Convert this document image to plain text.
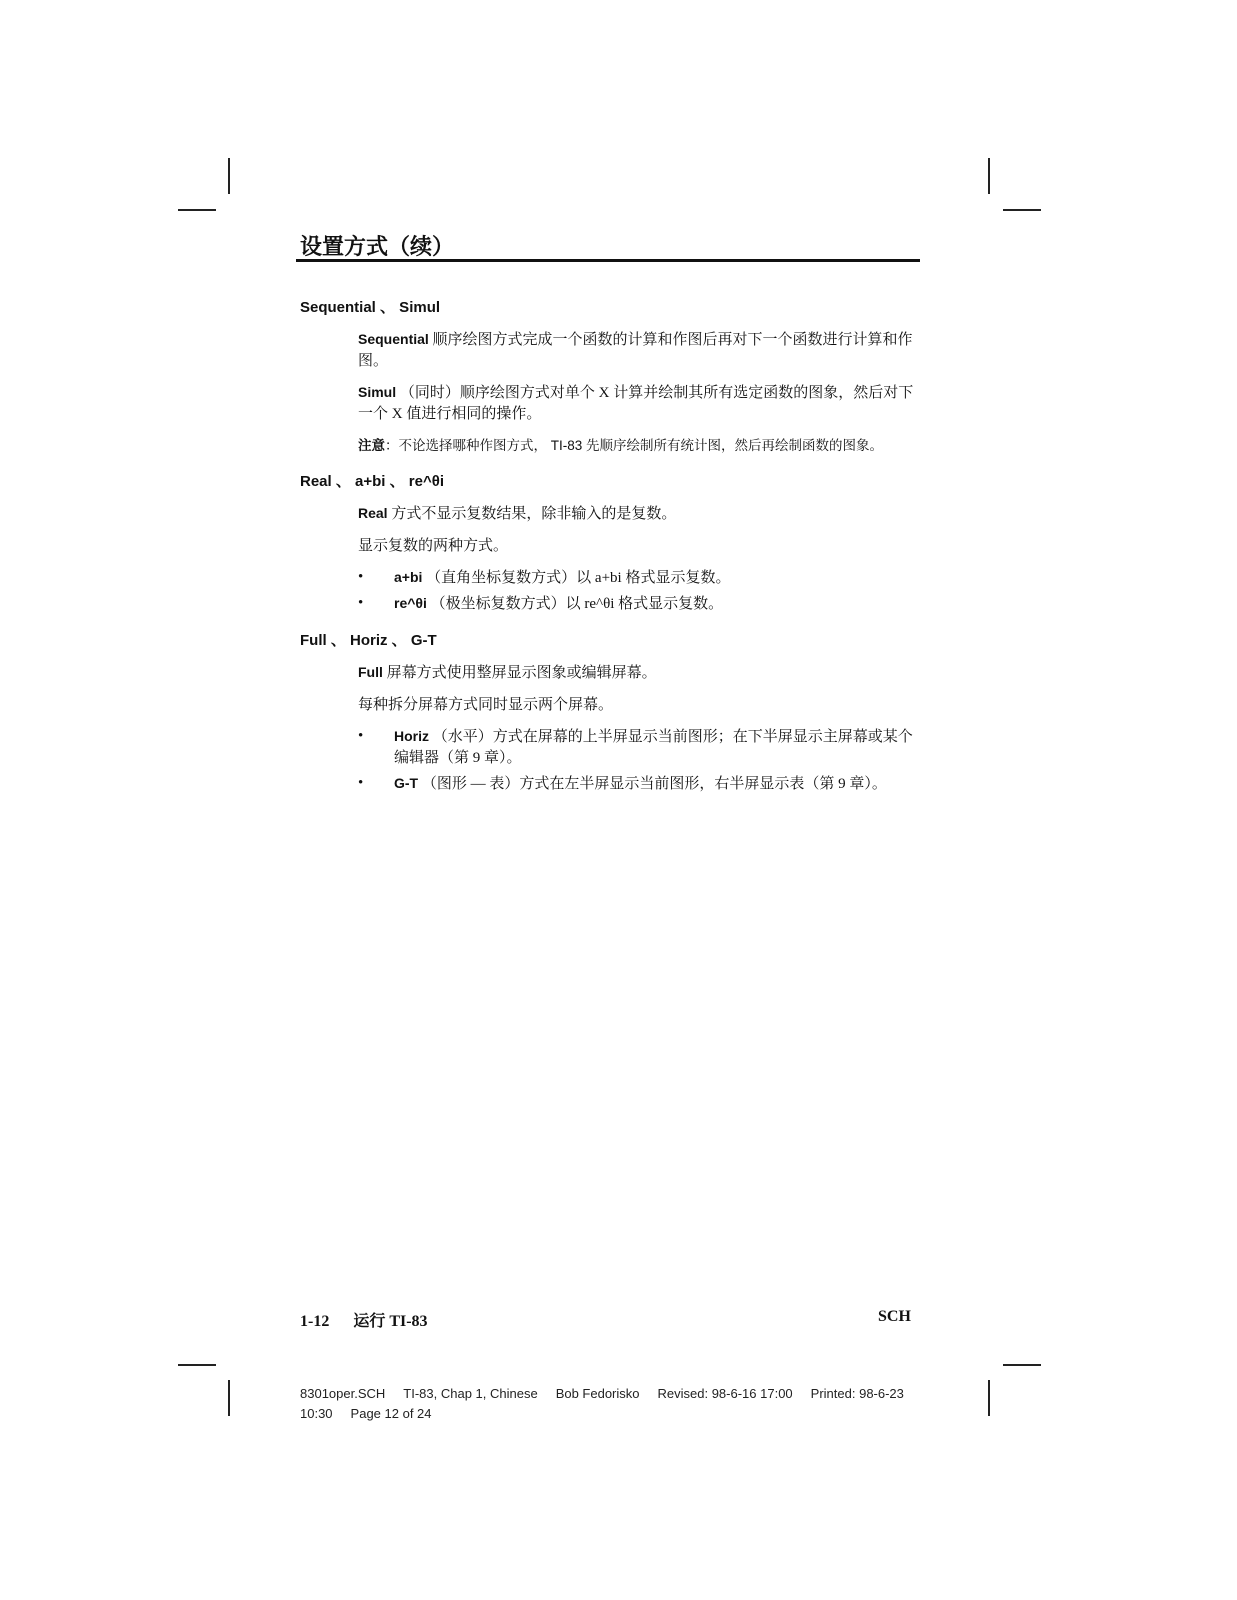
设置方式（续）
Sequential 、 Simul

Sequential 顺序绘图方式完成一个函数的计算和作图后再对下一个函数进行计算和作图。

Simul （同时）顺序绘图方式对单个 X 计算并绘制其所有选定函数的图象，然后对下一个 X 值进行相同的操作。

注意：不论选择哪种作图方式， TI-83 先顺序绘制所有统计图，然后再绘制函数的图象。

Real 、 a+bi 、 re^θi

Real 方式不显示复数结果，除非输入的是复数。

显示复数的两种方式。

• a+bi （直角坐标复数方式）以 a+bi 格式显示复数。
• re^θi （极坐标复数方式）以 re^θi 格式显示复数。
Full 、 Horiz 、 G-T

Full 屏幕方式使用整屏显示图象或编辑屏幕。

每种拆分屏幕方式同时显示两个屏幕。

• Horiz （水平）方式在屏幕的上半屏显示当前图形；在下半屏显示主屏幕或某个编辑器（第 9 章）。
• G-T （图形 — 表）方式在左半屏显示当前图形，右半屏显示表（第 9 章）。
1-12 运行 TI-83	SCH
8301oper.SCH TI-83, Chap 1, Chinese Bob Fedorisko Revised: 98-6-16 17:00 Printed: 98-6-23
10:30 Page 12 of 24
